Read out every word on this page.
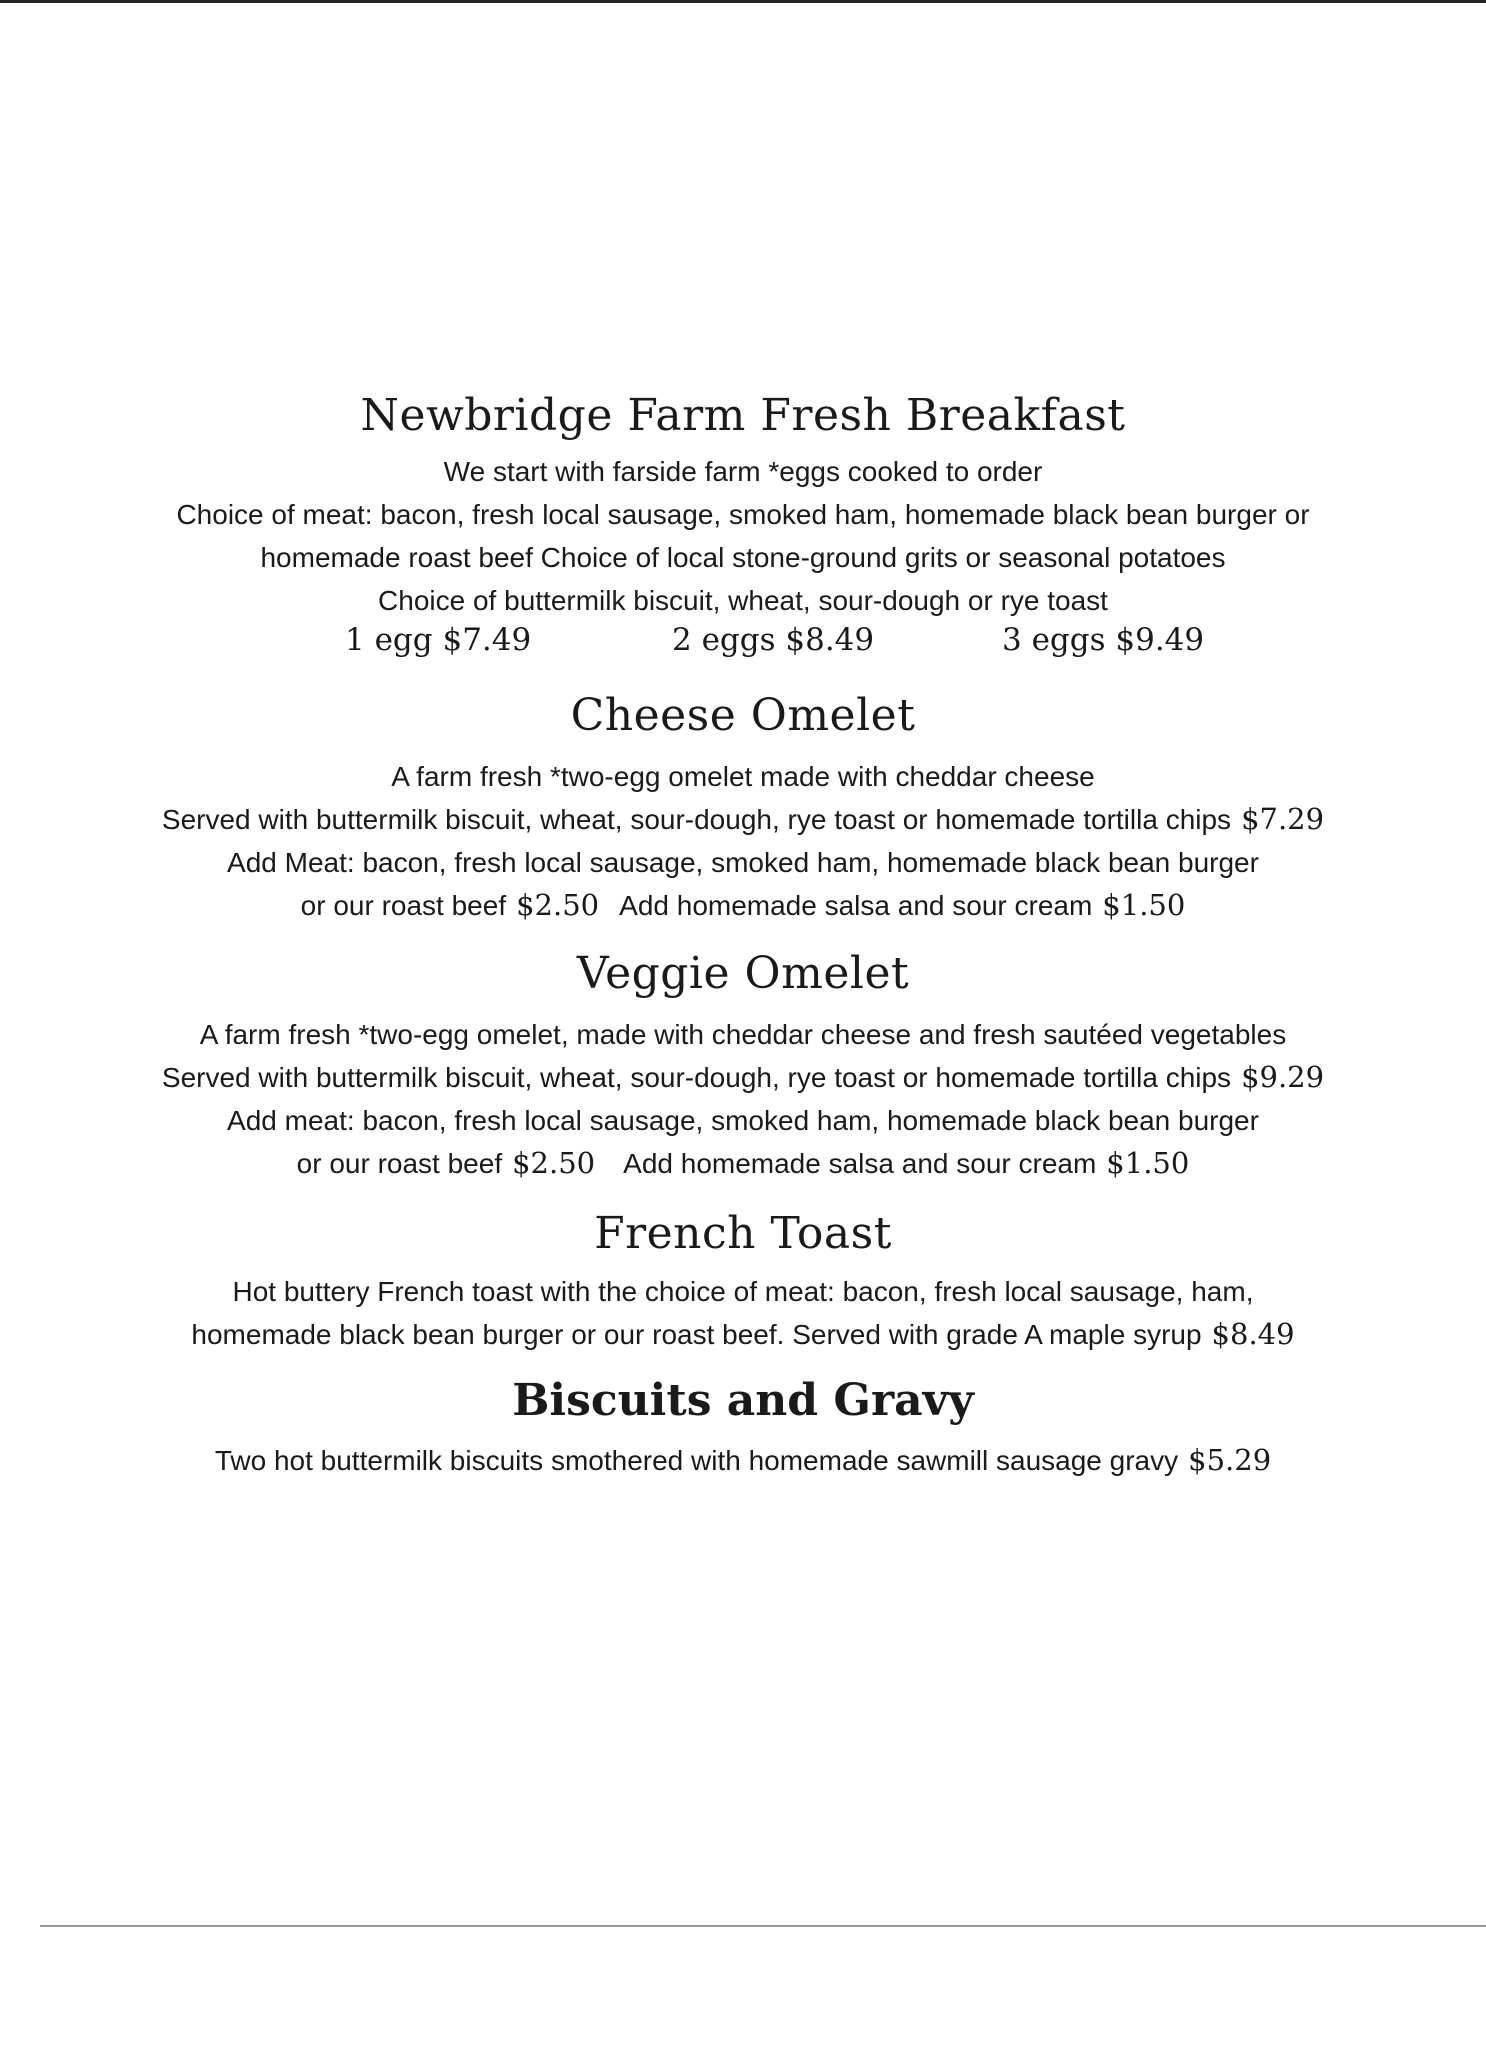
Newbridge Farm Fresh Breakfast
We start with farside farm *eggs cooked to order
Choice of meat: bacon, fresh local sausage, smoked ham, homemade black bean burger or
homemade roast beef Choice of local stone-ground grits or seasonal potatoes
Choice of buttermilk biscuit, wheat, sour-dough or rye toast
1 egg $7.49	2 eggs $8.49	3 eggs $9.49
Cheese Omelet
A farm fresh *two-egg omelet made with cheddar cheese
Served with buttermilk biscuit, wheat, sour-dough, rye toast or homemade tortilla chips $7.29
Add Meat: bacon, fresh local sausage, smoked ham, homemade black bean burger
or our roast beef $2.50 Add homemade salsa and sour cream $1.50
Veggie Omelet
A farm fresh *two-egg omelet, made with cheddar cheese and fresh sautéed vegetables
Served with buttermilk biscuit, wheat, sour-dough, rye toast or homemade tortilla chips $9.29
Add meat: bacon, fresh local sausage, smoked ham, homemade black bean burger
or our roast beef $2.50 Add homemade salsa and sour cream $1.50
French Toast
Hot buttery French toast with the choice of meat: bacon, fresh local sausage, ham,
homemade black bean burger or our roast beef. Served with grade A maple syrup $8.49
Biscuits and Gravy
Two hot buttermilk biscuits smothered with homemade sawmill sausage gravy $5.29
